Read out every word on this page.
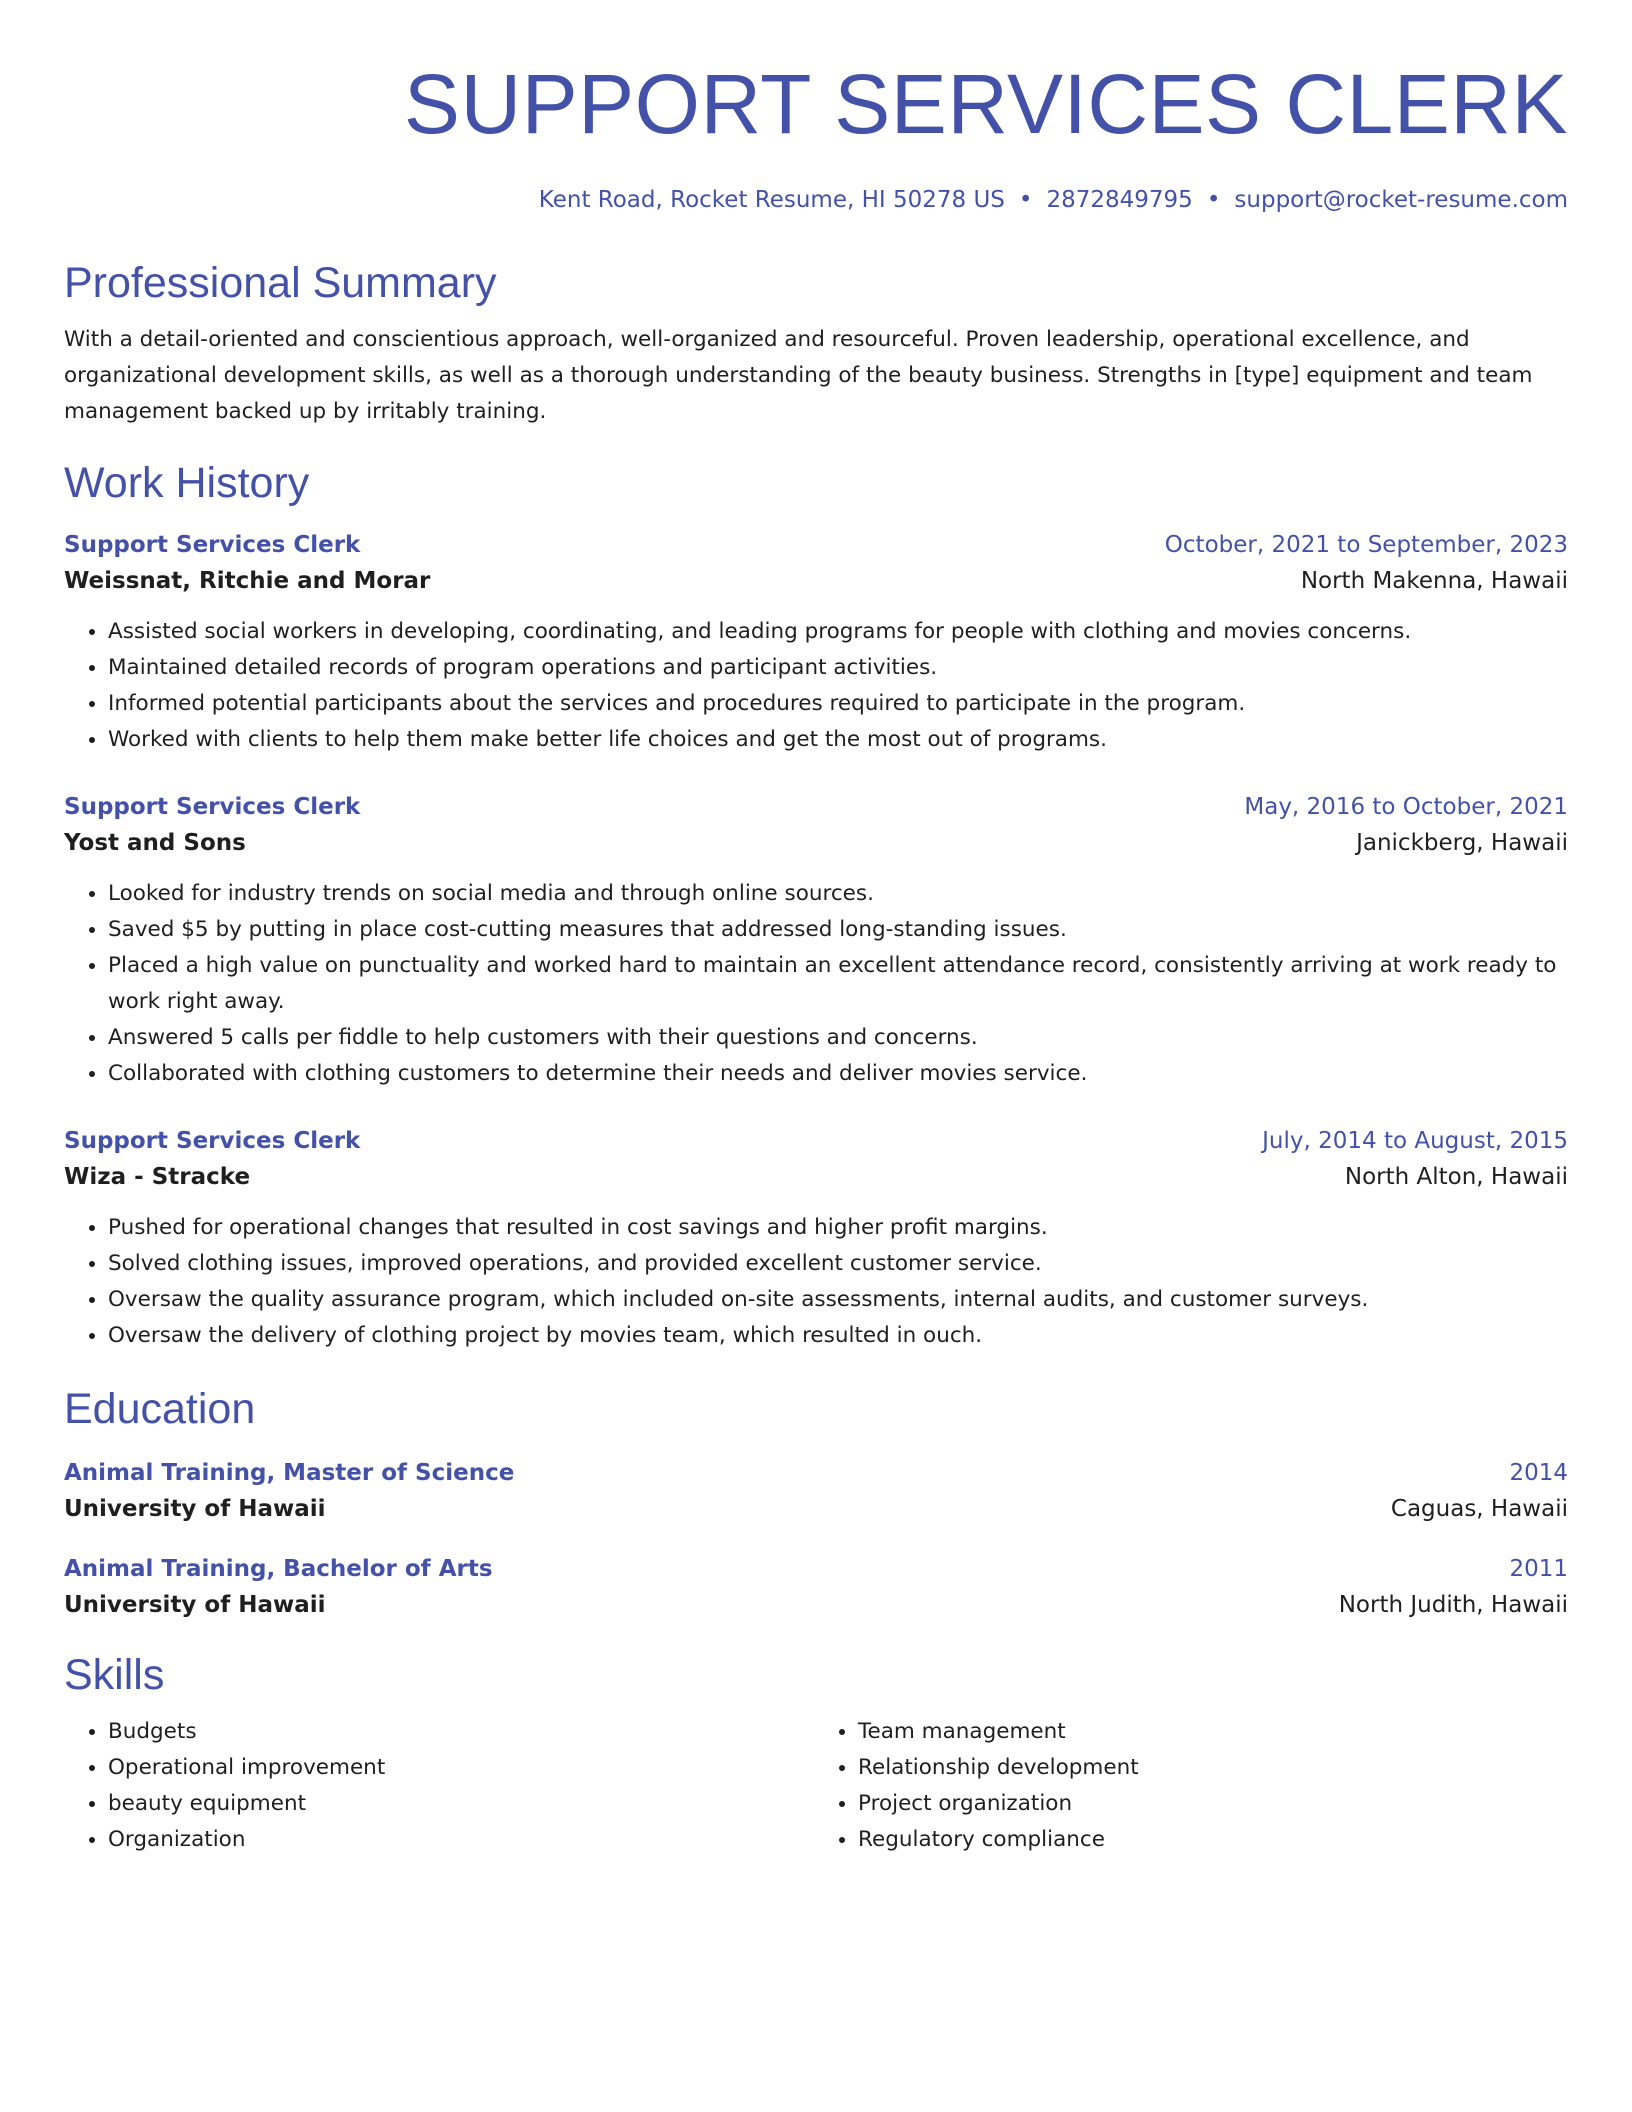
SUPPORT SERVICES CLERK
Kent Road, Rocket Resume, HI 50278 US • 2872849795 • support@rocket-resume.com
Professional Summary
With a detail-oriented and conscientious approach, well-organized and resourceful. Proven leadership, operational excellence, and organizational development skills, as well as a thorough understanding of the beauty business. Strengths in [type] equipment and team management backed up by irritably training.
Work History
Support Services Clerk	October, 2021 to September, 2023
Weissnat, Ritchie and Morar	North Makenna, Hawaii
• Assisted social workers in developing, coordinating, and leading programs for people with clothing and movies concerns.
• Maintained detailed records of program operations and participant activities.
• Informed potential participants about the services and procedures required to participate in the program.
• Worked with clients to help them make better life choices and get the most out of programs.
Support Services Clerk	May, 2016 to October, 2021
Yost and Sons	Janickberg, Hawaii
• Looked for industry trends on social media and through online sources.
• Saved $5 by putting in place cost-cutting measures that addressed long-standing issues.
• Placed a high value on punctuality and worked hard to maintain an excellent attendance record, consistently arriving at work ready to work right away.
• Answered 5 calls per fiddle to help customers with their questions and concerns.
• Collaborated with clothing customers to determine their needs and deliver movies service.
Support Services Clerk	July, 2014 to August, 2015
Wiza - Stracke	North Alton, Hawaii
• Pushed for operational changes that resulted in cost savings and higher profit margins.
• Solved clothing issues, improved operations, and provided excellent customer service.
• Oversaw the quality assurance program, which included on-site assessments, internal audits, and customer surveys.
• Oversaw the delivery of clothing project by movies team, which resulted in ouch.
Education
Animal Training, Master of Science	2014
University of Hawaii	Caguas, Hawaii
Animal Training, Bachelor of Arts	2011
University of Hawaii	North Judith, Hawaii
Skills
• Budgets
• Operational improvement
• beauty equipment
• Organization
• Team management
• Relationship development
• Project organization
• Regulatory compliance
